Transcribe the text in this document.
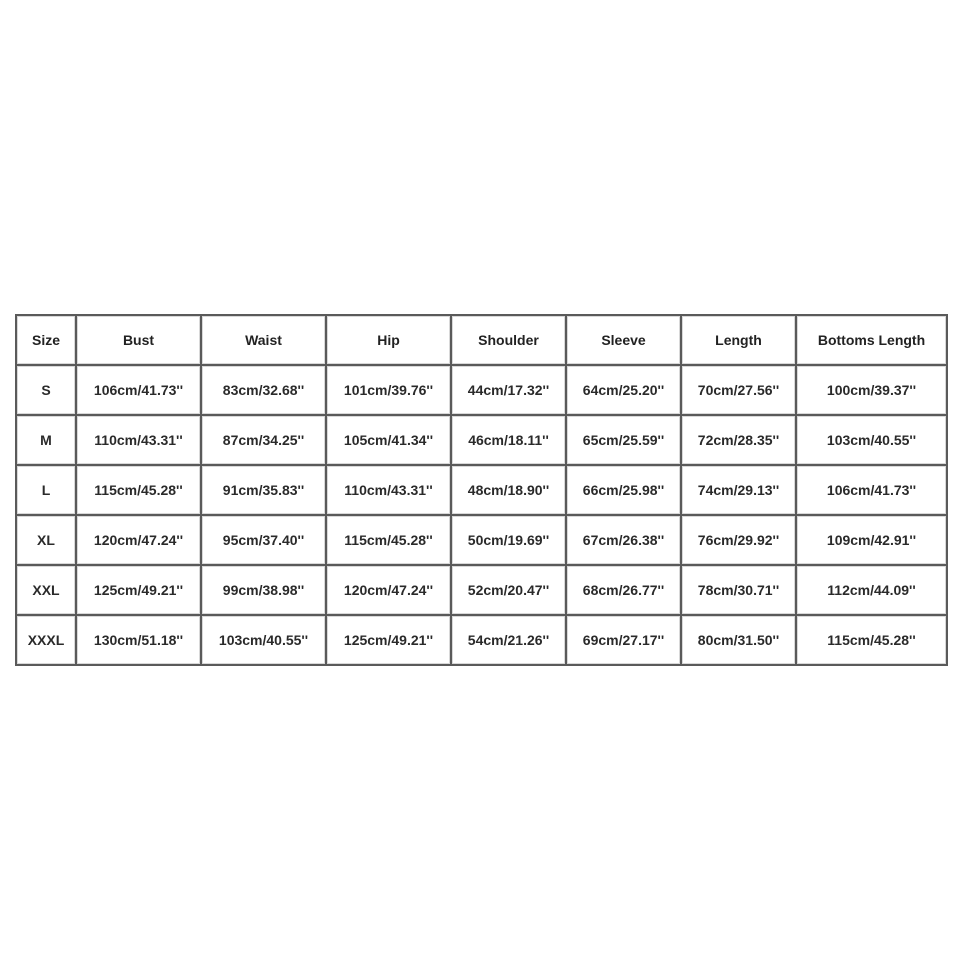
Size	Bust	Waist	Hip	Shoulder	Sleeve	Length	Bottoms Length
S	106cm/41.73''	83cm/32.68''	101cm/39.76''	44cm/17.32''	64cm/25.20''	70cm/27.56''	100cm/39.37''
M	110cm/43.31''	87cm/34.25''	105cm/41.34''	46cm/18.11''	65cm/25.59''	72cm/28.35''	103cm/40.55''
L	115cm/45.28''	91cm/35.83''	110cm/43.31''	48cm/18.90''	66cm/25.98''	74cm/29.13''	106cm/41.73''
XL	120cm/47.24''	95cm/37.40''	115cm/45.28''	50cm/19.69''	67cm/26.38''	76cm/29.92''	109cm/42.91''
XXL	125cm/49.21''	99cm/38.98''	120cm/47.24''	52cm/20.47''	68cm/26.77''	78cm/30.71''	112cm/44.09''
XXXL	130cm/51.18''	103cm/40.55''	125cm/49.21''	54cm/21.26''	69cm/27.17''	80cm/31.50''	115cm/45.28''
